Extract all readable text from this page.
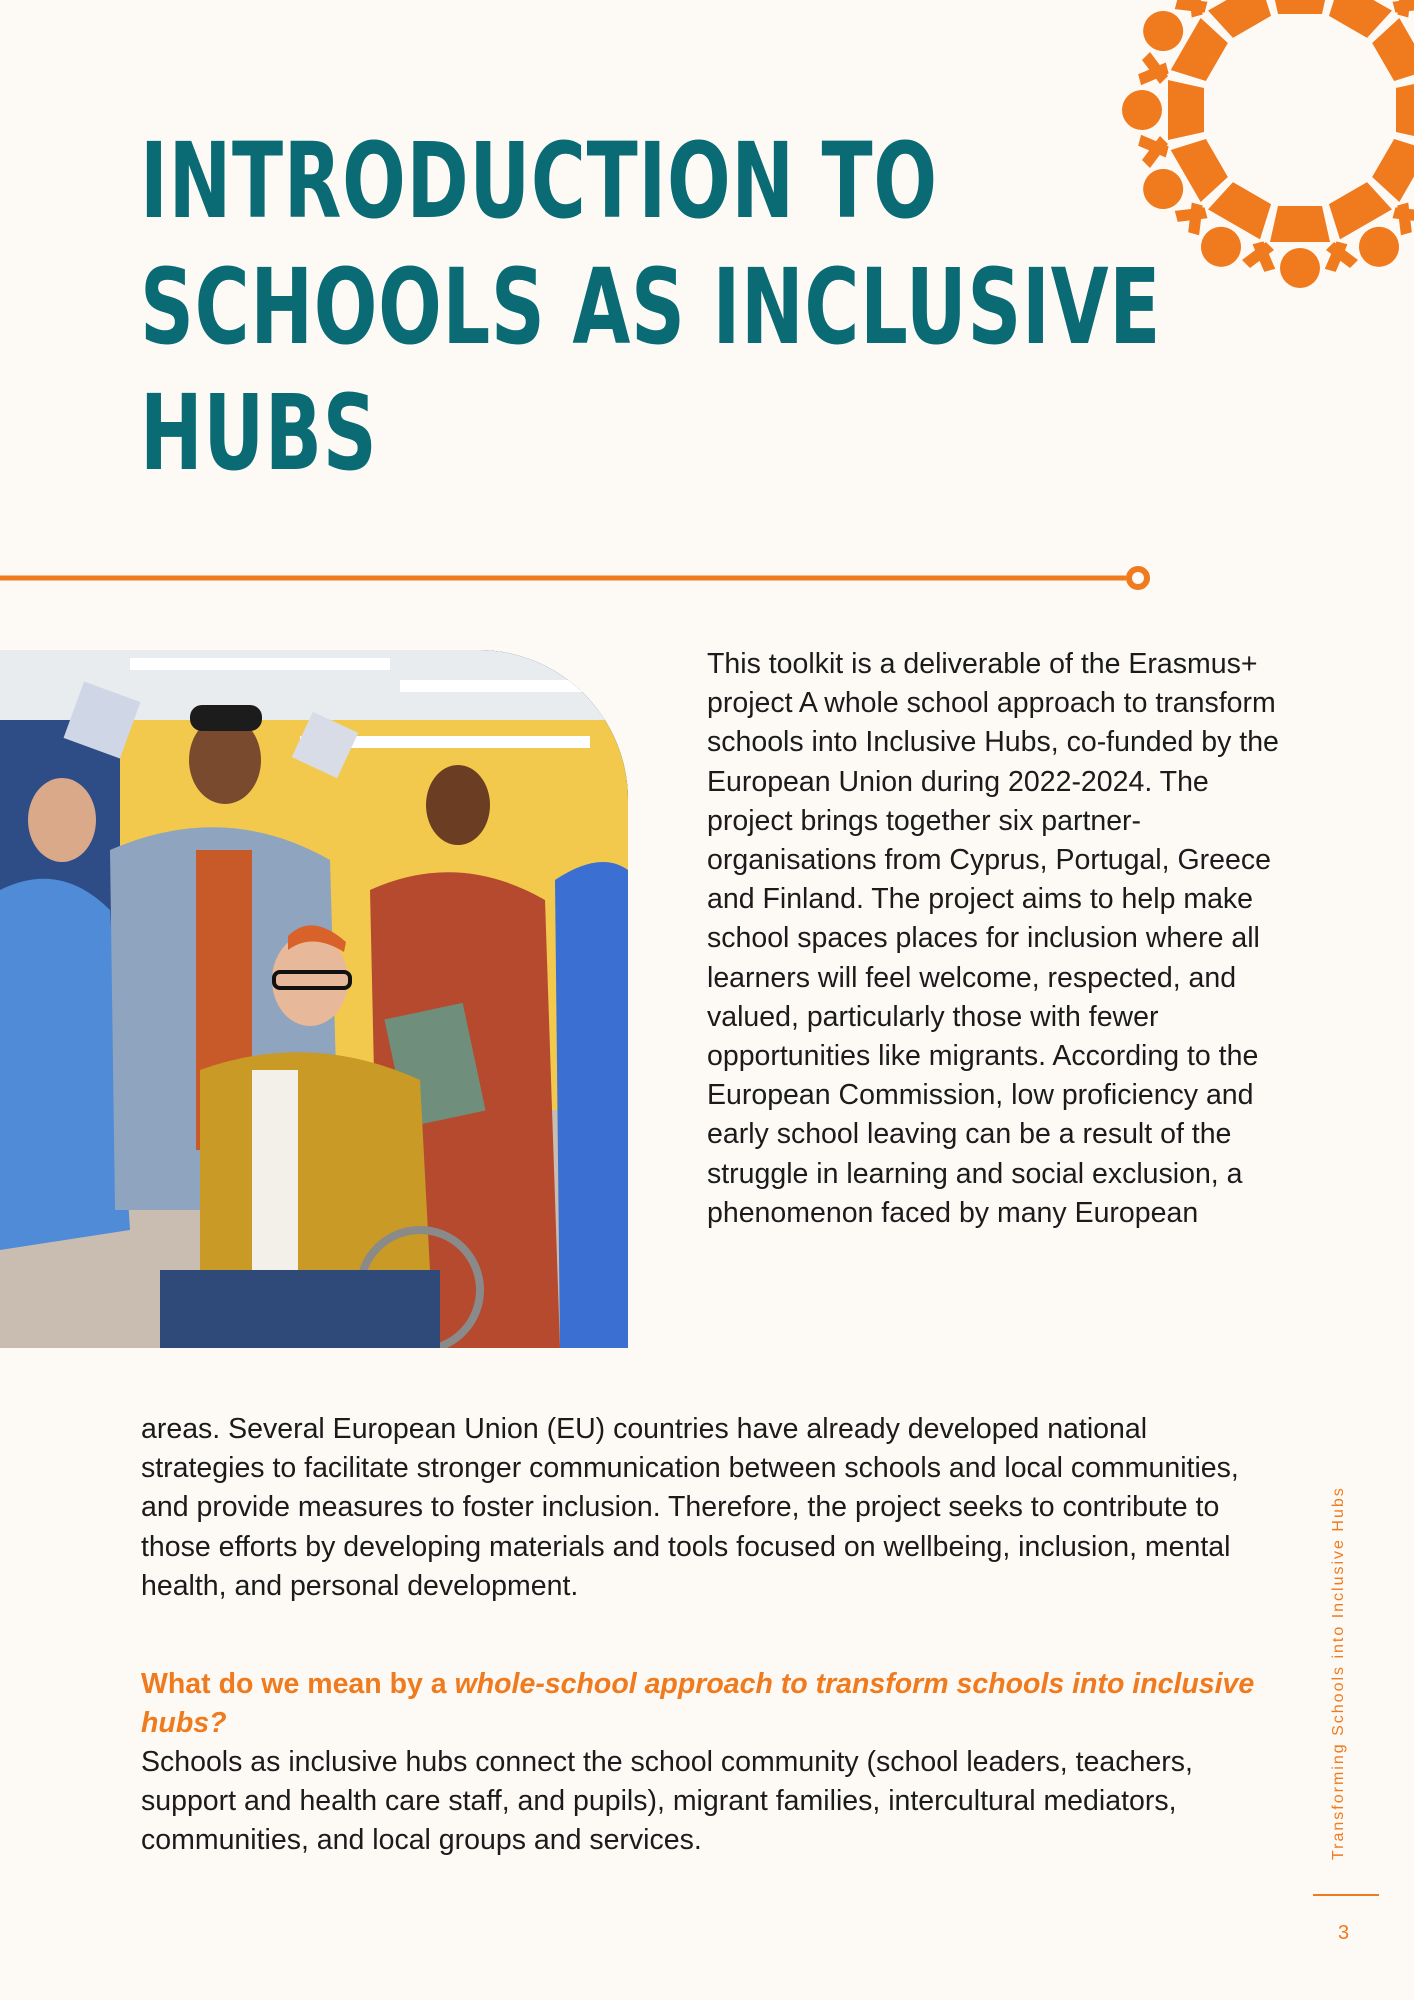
INTRODUCTION TO
SCHOOLS AS INCLUSIVE
HUBS

This toolkit is a deliverable of the Erasmus+ project A whole school approach to transform schools into Inclusive Hubs, co-funded by the European Union during 2022-2024. The project brings together six partner-organisations from Cyprus, Portugal, Greece and Finland. The project aims to help make school spaces places for inclusion where all learners will feel welcome, respected, and valued, particularly those with fewer opportunities like migrants. According to the European Commission, low proficiency and early school leaving can be a result of the struggle in learning and social exclusion, a phenomenon faced by many European

areas. Several European Union (EU) countries have already developed national strategies to facilitate stronger communication between schools and local communities, and provide measures to foster inclusion. Therefore, the project seeks to contribute to those efforts by developing materials and tools focused on wellbeing, inclusion, mental health, and personal development.

What do we mean by a whole-school approach to transform schools into inclusive hubs?

Schools as inclusive hubs connect the school community (school leaders, teachers, support and health care staff, and pupils), migrant families, intercultural mediators, communities, and local groups and services.	Transforming Schools into Inclusive Hubs
3
